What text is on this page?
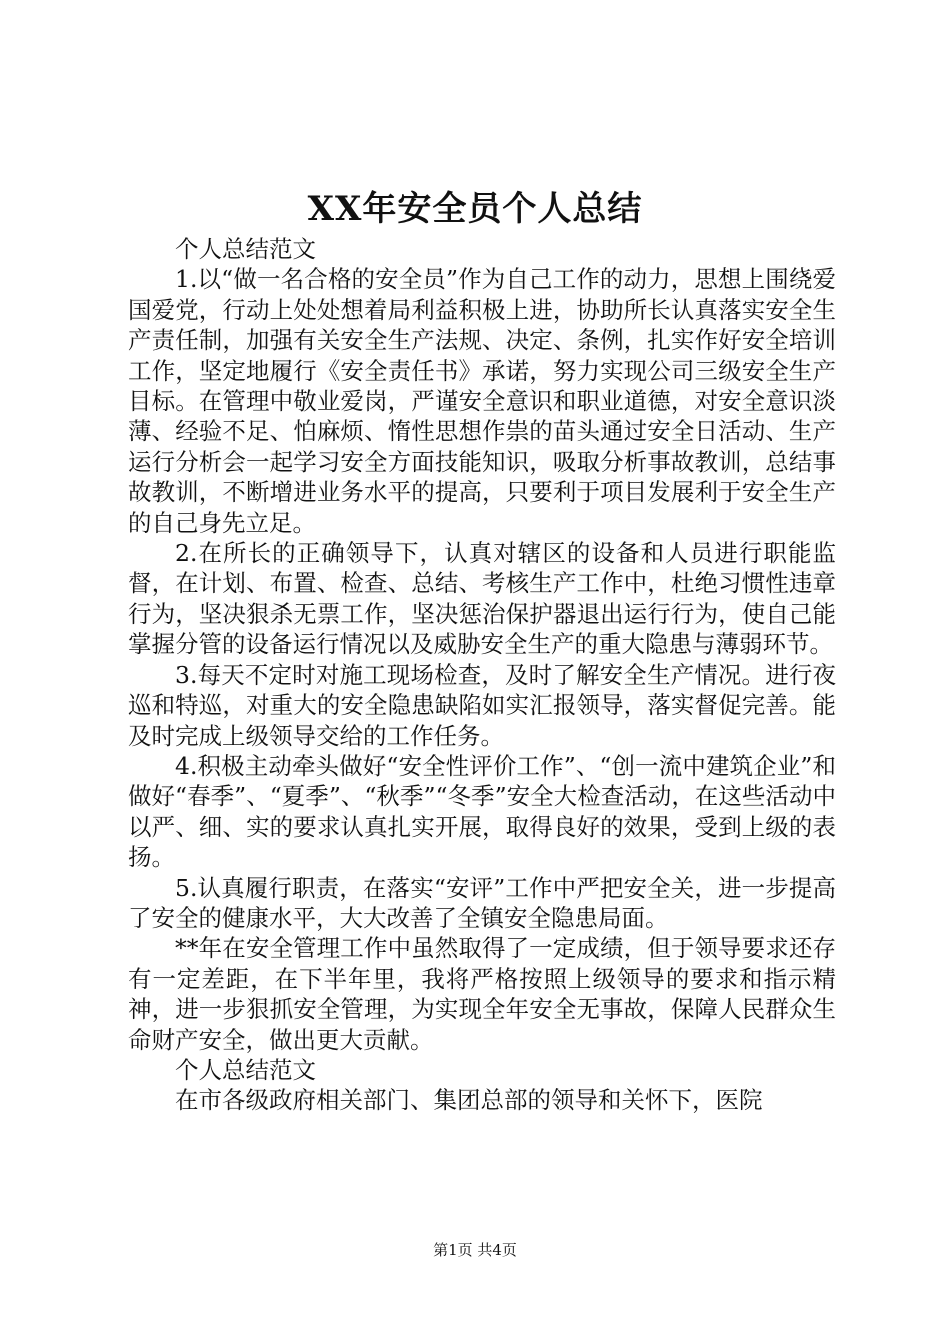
XX年安全员个人总结

个人总结范文

1.以“做一名合格的安全员”作为自己工作的动力，思想上围绕爱国爱党，行动上处处想着局利益积极上进，协助所长认真落实安全生产责任制，加强有关安全生产法规、决定、条例，扎实作好安全培训工作，坚定地履行《安全责任书》承诺，努力实现公司三级安全生产目标。在管理中敬业爱岗，严谨安全意识和职业道德，对安全意识淡薄、经验不足、怕麻烦、惰性思想作祟的苗头通过安全日活动、生产运行分析会一起学习安全方面技能知识，吸取分析事故教训，总结事故教训，不断增进业务水平的提高，只要利于项目发展利于安全生产的自己身先立足。

2.在所长的正确领导下，认真对辖区的设备和人员进行职能监督，在计划、布置、检查、总结、考核生产工作中，杜绝习惯性违章行为，坚决狠杀无票工作，坚决惩治保护器退出运行行为，使自己能掌握分管的设备运行情况以及威胁安全生产的重大隐患与薄弱环节。

3.每天不定时对施工现场检查，及时了解安全生产情况。进行夜巡和特巡，对重大的安全隐患缺陷如实汇报领导，落实督促完善。能及时完成上级领导交给的工作任务。

4.积极主动牵头做好“安全性评价工作”、“创一流中建筑企业”和做好“春季”、“夏季”、“秋季”“冬季”安全大检查活动，在这些活动中以严、细、实的要求认真扎实开展，取得良好的效果，受到上级的表扬。

5.认真履行职责，在落实“安评”工作中严把安全关，进一步提高了安全的健康水平，大大改善了全镇安全隐患局面。

**年在安全管理工作中虽然取得了一定成绩，但于领导要求还存有一定差距，在下半年里，我将严格按照上级领导的要求和指示精神，进一步狠抓安全管理，为实现全年安全无事故，保障人民群众生命财产安全，做出更大贡献。

个人总结范文

在市各级政府相关部门、集团总部的领导和关怀下，医院

第1页 共4页
